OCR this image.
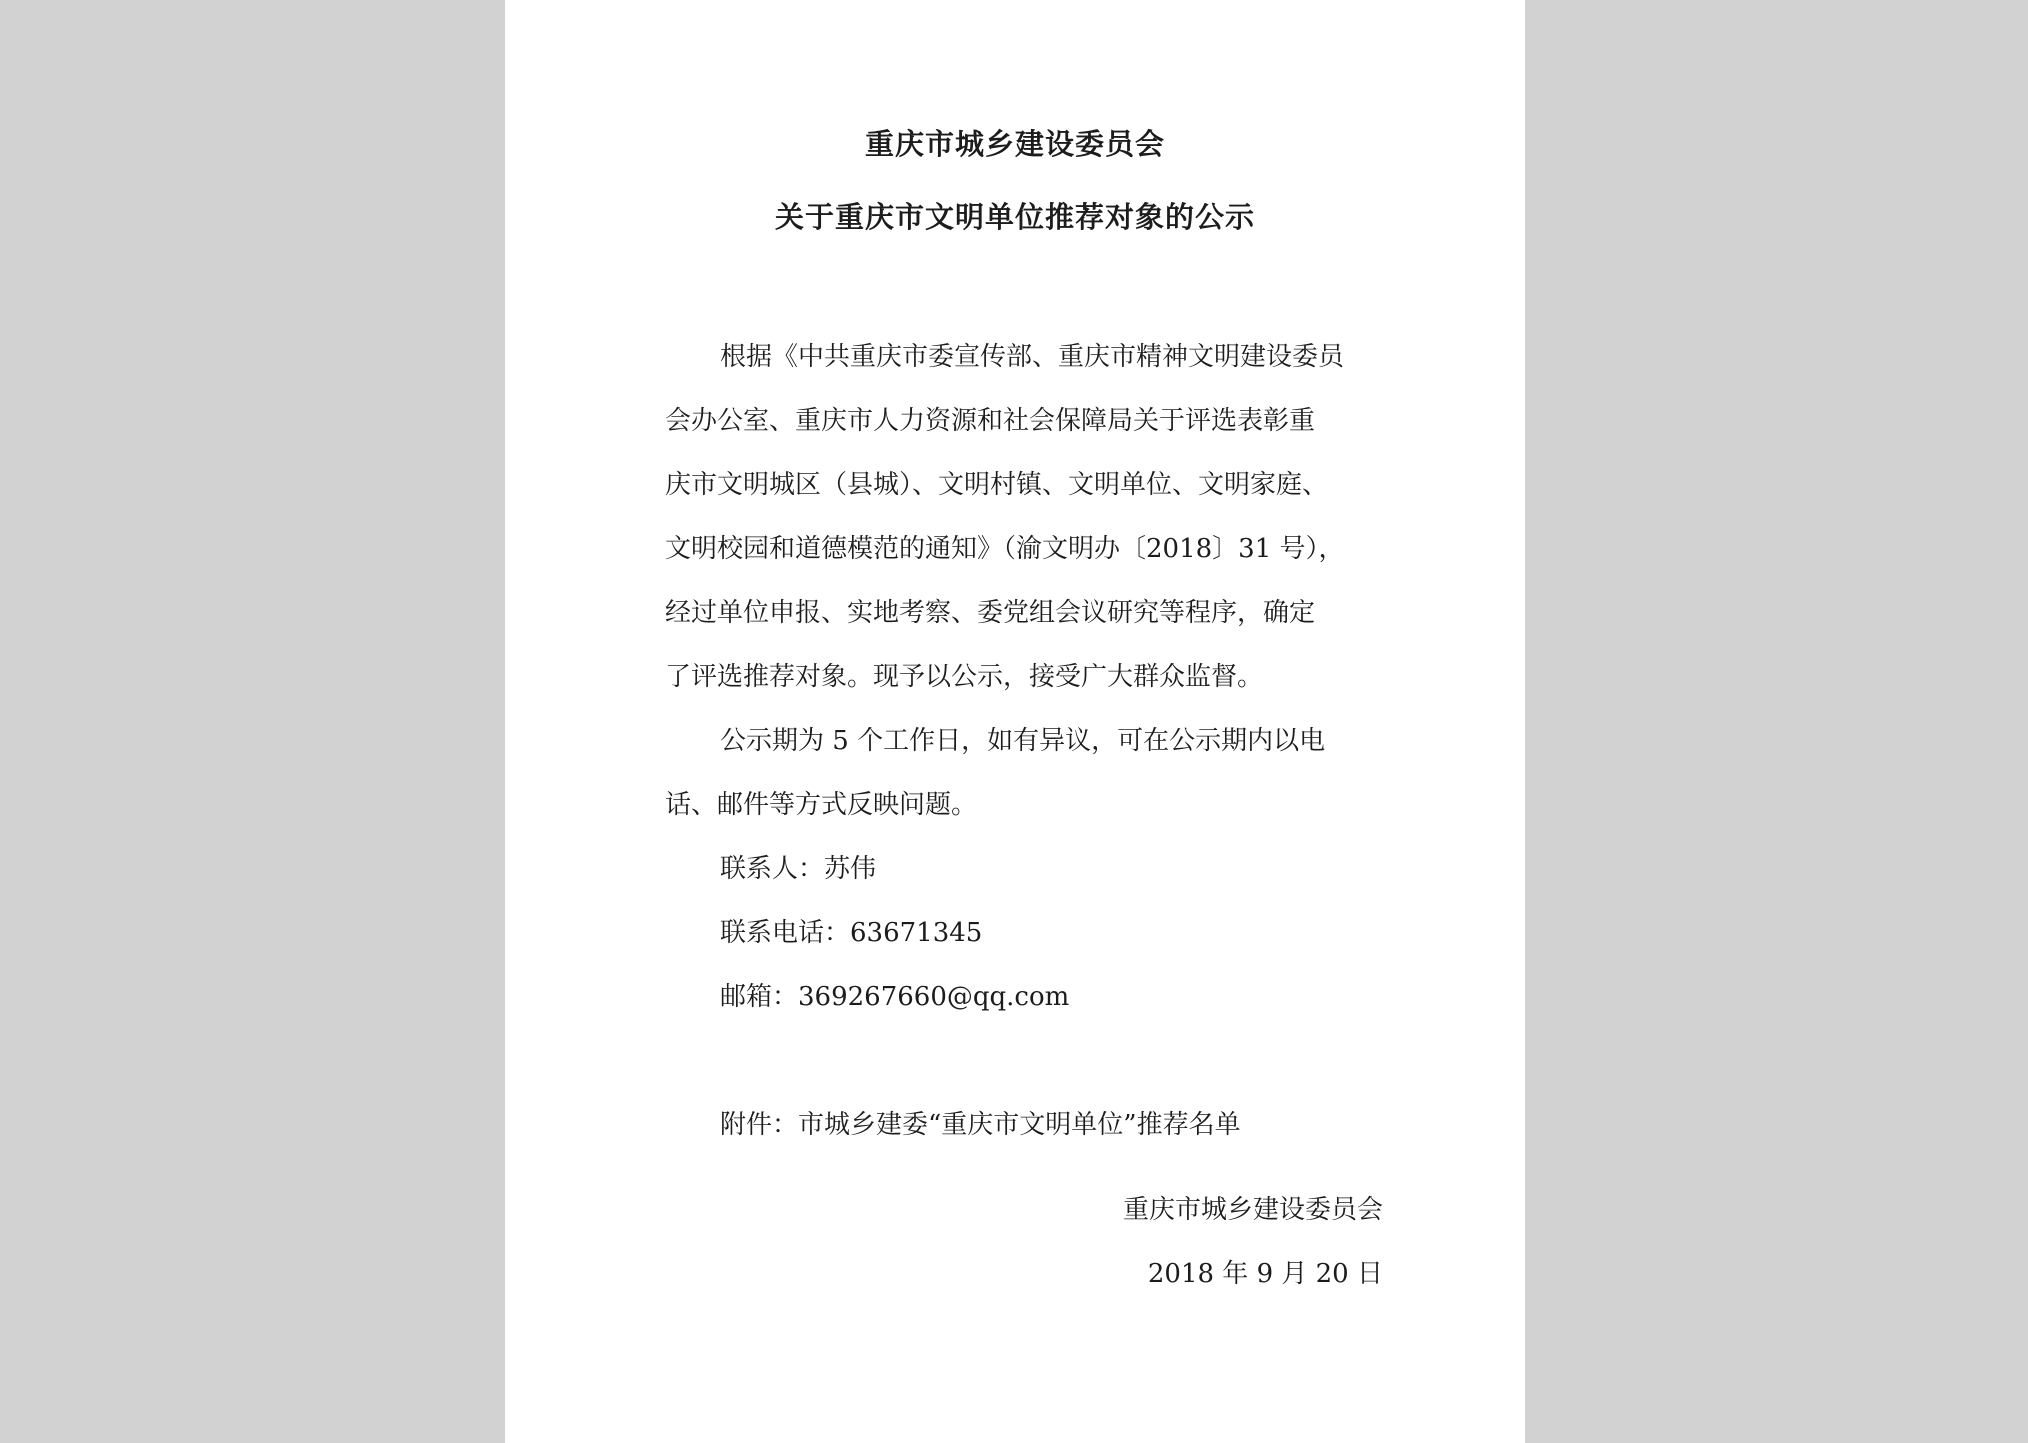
重庆市城乡建设委员会
关于重庆市文明单位推荐对象的公示
根据《中共重庆市委宣传部、重庆市精神文明建设委员
会办公室、重庆市人力资源和社会保障局关于评选表彰重
庆市文明城区（县城）、文明村镇、文明单位、文明家庭、
文明校园和道德模范的通知》（渝文明办〔2018〕31 号），
经过单位申报、实地考察、委党组会议研究等程序，确定
了评选推荐对象。现予以公示，接受广大群众监督。
公示期为 5 个工作日，如有异议，可在公示期内以电
话、邮件等方式反映问题。
联系人：苏伟
联系电话：63671345
邮箱：369267660@qq.com
附件：市城乡建委“重庆市文明单位”推荐名单
重庆市城乡建设委员会
2018 年 9 月 20 日
